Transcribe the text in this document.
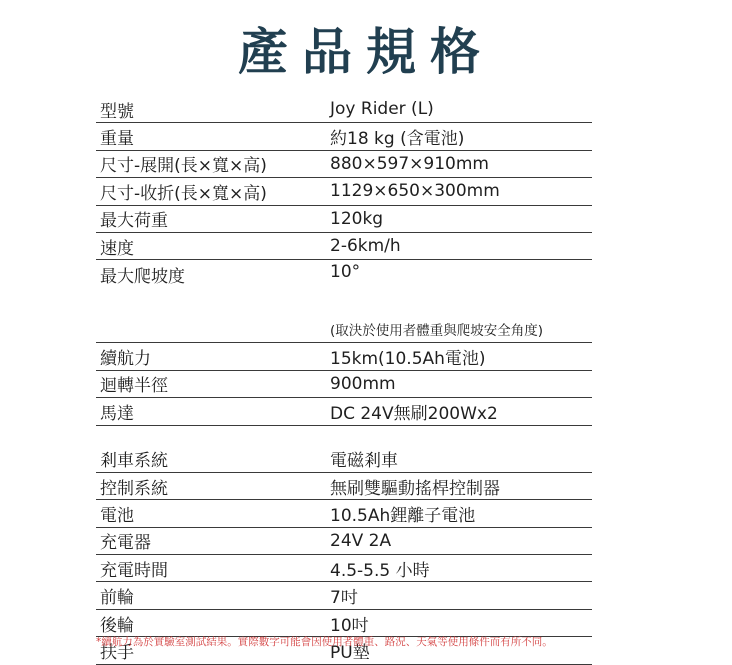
產品規格
型號	Joy Rider (L)
重量	約18 kg (含電池)
尺寸-展開(長×寬×高)	880×597×910mm
尺寸-收折(長×寬×高)	1129×650×300mm
最大荷重	120kg
速度	2-6km/h
最大爬坡度	10°
(取決於使用者體重與爬坡安全角度)
續航力	15km(10.5Ah電池)
迴轉半徑	900mm
馬達	DC 24V無刷200Wx2
剎車系統	電磁剎車
控制系統	無刷雙驅動搖桿控制器
電池	10.5Ah鋰離子電池
充電器	24V 2A
充電時間	4.5-5.5 小時
前輪	7吋
後輪	10吋
扶手	PU墊
*續航力為於實驗室測試結果。實際數字可能會因使用者體重、路況、天氣等使用條件而有所不同。
